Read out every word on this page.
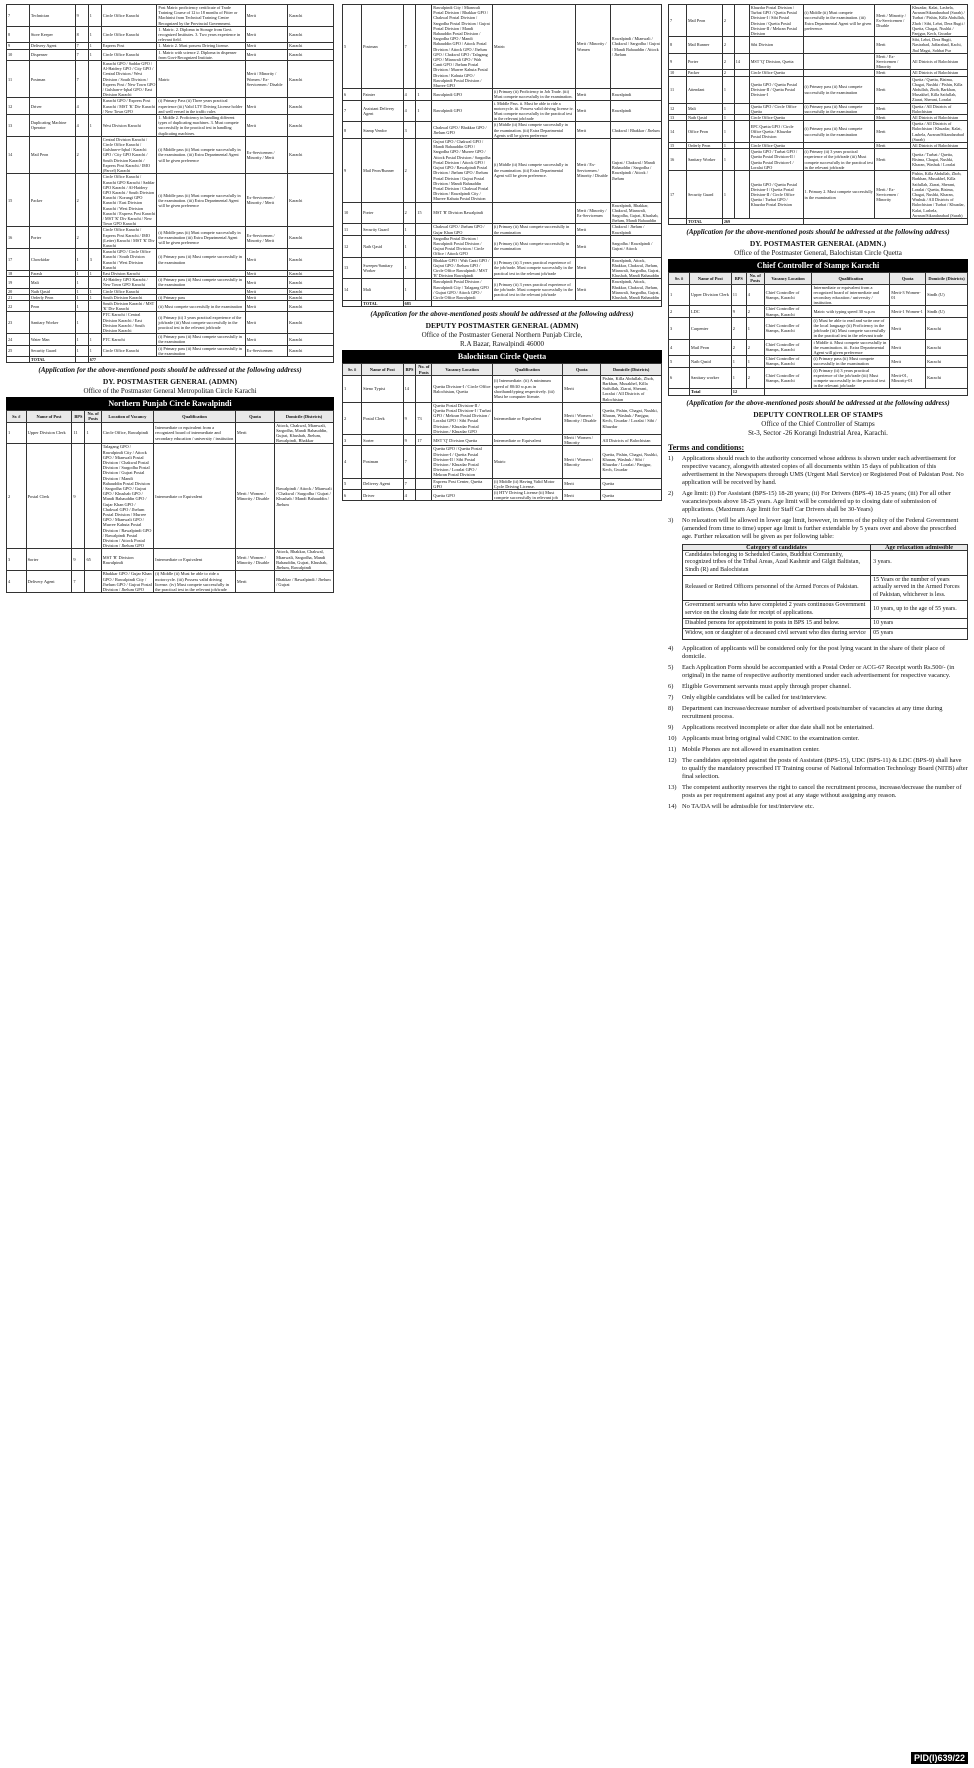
7	Technician	9	1	Circle Office Karachi	Post Matric proficiency certificate of Trade Training Course of 12 to 18 months of Fitter or Machinist from Technical Training Centre Recognized by the Provincial Government.	Merit	Karachi
8	Store Keeper	8	1	Circle Office Karachi	1. Matric. 2. Diploma in Storage from Govt. recognized Institutes. 3. Two years experience in relevant field.	Merit	Karachi
9	Delivery Agent	7	1	Express Post	1. Matric 2. Must possess Driving license.	Merit	Karachi
10	Dispenser	7	1	Circle Office Karachi	1. Matric with science 2. Diploma in dispenser from Govt-Recognized Institute.	Merit	Karachi
11	Postman	7		Karachi GPO / Saddar GPO / Al-Haidery GPO / City GPO / Central Division / West Division / South Division / Express Post / New Town GPO / Gulshan-e-Iqbal GPO / East Division Karachi	Matric	Merit / Minority / Women / Ex-Servicemen / Disable	Karachi
12	Driver	4		Karachi GPO / Express Post Karachi / MST 'K' Div Karachi / New Town GPO	(i) Primary Pass (ii) Three years practical experience (iii) Valid LTV Driving License holder and well versed in the traffic rules	Merit	Karachi
13	Duplicating Machine Operator	4	1	West Division Karachi	1. Middle 2. Proficiency in handling different types of duplicating machines. 3. Must compete successfully in the practical test in handling duplicating machines.	Merit	Karachi
14	Mail Peon	2		Central Division Karachi / Circle Office Karachi / Gulshan-e-Iqbal / Karachi GPO / City GPO Karachi / South Division Karachi / Express Post Karachi / IMO (Parcel) Karachi	(i) Middle pass (ii) Must compete successfully in the examination. (iii) Extra Departmental Agent will be given preference	Ex-Servicemen / Minority / Merit	Karachi
15	Packer	2		Circle Office Karachi / Karachi GPO Karachi / Saddar GPO Karachi / Al-Haidery GPO Karachi / South Division Karachi / Korangi GPO Karachi / East Division Karachi / West Division Karachi / Express Post Karachi / MST 'K' Div Karachi / New Town GPO Karachi	(i) Middle pass (ii) Must compete successfully in the examination. (iii) Extra Departmental Agent will be given preference	Ex-Servicemen / Minority / Merit	Karachi
16	Porter	2		Circle Office Karachi / Express Post Karachi / IMO (Letter) Karachi / MST 'K' Div Karachi	(i) Middle pass (ii) Must compete successfully in the examination (iii) Extra Departmental Agent will be given preference	Ex-Servicemen / Minority / Merit	Karachi
17	Chowkidar	1	3	Karachi GPO / Circle Office Karachi / South Division Karachi / West Division Karachi	(i) Primary pass (ii) Must compete successfully in the examination	Merit	Karachi
18	Farash	1	1	East Division Karachi		Merit	Karachi
19	Mali	1		Al-Haidery GPO Karachi / New Town GPO Karachi	(i) Primary pass (ii) Must compete successfully in the examination	Merit	Karachi
20	Naib Qasid	1	1	Circle Office Karachi		Merit	Karachi
21	Orderly Peon	1	1	South Division Karachi	(i) Primary pass	Merit	Karachi
22	Peon	1		South Division Karachi / MST 'K' Div Karachi	(ii) Must compete successfully in the examination	Merit	Karachi
23	Sanitary Worker	1		PTC Karachi / Central Division Karachi / East Division Karachi / South Division Karachi	(i) Primary (ii) 3 years practical experience of the job/trade (iii) Must compete successfully in the practical test in the relevant job/trade	Merit	Karachi
24	Water Man	1	1	PTC Karachi	(i) Primary pass (ii) Must compete successfully in the examination	Merit	Karachi
25	Security Guard	1	1	Circle Office Karachi	(i) Primary pass (ii) Must compete successfully in the examination	Ex-Servicemen	Karachi
	TOTAL		677				
(Application for the above-mentioned posts should be addressed at the following address)
DY. POSTMASTER GENERAL (ADMN)
Office of the Postmaster General Metropolitan Circle Karachi
Northern Punjab Circle Rawalpindi
Sr. #	Name of Post	BPS	No. of Posts	Location of Vacancy	Qualification	Quota	Domicile (Districts)
1	Upper Division Clerk	11	1	Circle Office, Rawalpindi	Intermediate or equivalent from a recognized board of intermediate and secondary education / university / institution	Merit	Attock, Chakwal, Mianwali, Sargodha, Mandi Bahauddin, Gujrat, Khushab, Jhelum, Rawalpindi, Bhakkar
2	Postal Clerk	9		Talagang GPO / Rawalpindi City / Attock GPO / Mianwali Postal Division / Chakwal Postal Division / Sargodha Postal Division / Gujrat Postal Division / Mandi Bahauddin Postal Division / Sargodha GPO / Gujrat GPO / Khushab GPO / Mandi Bahauddin GPO / Gujar Khan GPO / Chakwal GPO / Jhelum Postal Division / Murree GPO / Mianwali GPO / Murree Kahuta Postal Division / Rawalpindi GPO / Rawalpindi Postal Division / Attock Postal Division / Jhelum GPO	Intermediate or Equivalent	Merit / Women / Minority / Disable	Rawalpindi / Attock / Mianwali / Chakwal / Sargodha / Gujrat / Khushab / Mandi Bahauddin / Jhelum
3	Sorter	9	65	MST 'R' Division Rawalpindi	Intermediate or Equivalent	Merit / Women / Minority / Disable	Attock, Bhakkar, Chakwal, Mianwali, Sargodha, Mandi Bahauddin, Gujrat, Khushab, Jhelum, Rawalpindi
4	Delivery Agent	7		Bhakkar GPO / Gujar Khan GPO / Rawalpindi City / Jhelum GPO / Gujrat Postal Division / Jhelum GPO	(i) Middle (ii) Must be able to ride a motorcycle. (iii) Possess valid driving license. (iv) Must compete successfully in the practical test in the relevant job/trade	Merit	Bhakkar / Rawalpindi / Jhelum / Gujrat
5	Postman	7		Rawalpindi City / Mianwali Postal Division / Bhakkar GPO / Chakwal Postal Division / Sargodha Postal Division / Gujrat Postal Division / Mandi Bahauddin Postal Division / Sargodha GPO / Mandi Bahauddin GPO / Attock Postal Division / Attock GPO / Jhelum GPO / Chakwal GPO / Talagang GPO / Mianwali GPO / Wah Cantt GPO / Jhelum Postal Division / Murree Kahuta Postal Division / Kahuta GPO / Rawalpindi Postal Division / Murree GPO	Matric	Merit / Minority / Women	Rawalpindi / Mianwali / Chakwal / Sargodha / Gujrat / Mandi Bahauddin / Attock / Jhelum
6	Painter	4	1	Rawalpindi GPO	(i) Primary (ii) Proficiency in Job Trade. (iii) Must compete successfully in the examination.	Merit	Rawalpindi
7	Assistant Delivery Agent	4	1	Rawalpindi GPO	i. Middle Pass. ii. Must be able to ride a motorcycle. iii. Possess valid driving license iv. Must compete successfully in the practical test in the relevant job/trade	Merit	Rawalpindi
8	Stamp Vendor	3		Chakwal GPO / Bhakkar GPO / Jhelum GPO	(i) Middle (ii) Must compete successfully in the examination. (iii) Extra Departmental Agents will be given preference	Merit	Chakwal / Bhakkar / Jhelum
9	Mail Peon/Runner	2		Gujrat GPO / Chakwal GPO / Mandi Bahauddin GPO / Sargodha GPO / Murree GPO / Attock Postal Division / Sargodha Postal Division / Attock GPO / Gujrat GPO / Rawalpindi Postal Division / Jhelum GPO / Jhelum Postal Division / Gujrat Postal Division / Mandi Bahauddin Postal Division / Chakwal Postal Division / Rawalpindi City / Murree Kahuta Postal Division	(i) Middle (ii) Must compete successfully in the examination. (iii) Extra Departmental Agent will be given preference.	Merit / Ex-Servicemen / Minority / Disable	Gujrat / Chakwal / Mandi Bahauddin / Sargodha / Rawalpindi / Attock / Jhelum
10	Porter	2	15	MST 'R' Division Rawalpindi		Merit / Minority / Ex-Servicemen	Rawalpindi, Bhakkar, Chakwal, Mianwali, Sargodha, Gujrat, Khushab, Jhelum, Mandi Bahauddin
11	Security Guard	1		Chakwal GPO / Jhelum GPO / Gujar Khan GPO	(i) Primary (ii) Must compete successfully in the examination	Merit	Chakwal / Jhelum / Rawalpindi
12	Naib Qasid	1		Sargodha Postal Division / Rawalpindi Postal Division / Gujrat Postal Division / Circle Office / Attock GPO	(i) Primary (ii) Must compete successfully in the examination	Merit	Sargodha / Rawalpindi / Gujrat / Attock
13	Sweeper/Sanitary Worker	1		Bhakkar GPO / Wah Cantt GPO / Gujrat GPO / Jhelum GPO / Circle Office Rawalpindi / MST 'R' Division Rawalpindi	(i) Primary (ii) 3 years practical experience of the job/trade. Must compete successfully in the practical test in the relevant job/trade	Merit	Rawalpindi, Attock, Bhakkar, Chakwal, Jhelum, Mianwali, Sargodha, Gujrat, Khushab, Mandi Bahauddin
14	Mali	1		Rawalpindi Postal Division / Rawalpindi City / Talagang GPO / Gujrat GPO / Attock GPO / Circle Office Rawalpindi	(i) Primary (ii) 3 years practical experience of the job/trade. Must compete successfully in the practical test in the relevant job/trade	Merit	Rawalpindi, Attock, Bhakkar, Chakwal, Jhelum, Mianwali, Sargodha, Gujrat, Khushab, Mandi Bahauddin
	TOTAL	683					
(Application for the above-mentioned posts should be addressed at the following address)
DEPUTY POSTMASTER GENERAL (ADMN)
Office of the Postmaster General Northern Punjab Circle,
R.A Bazar, Rawalpindi 46000
Balochistan Circle Quetta
Sr. #	Name of Post	BPS	No. of Posts	Vacancy Location	Qualification	Quota	Domicile (Districts)
1	Steno Typist	14		Quetta Division-I / Circle Office Balochistan, Quetta	(i) Intermediate. (ii) A minimum speed of 80/40 w.p.m in shorthand/typing respectively. (iii) Must be computer literate.	Merit	Pishin, Killa Abdullah, Zhob, Barkhan, Musakhel, Killa Saifullah, Ziarat, Sherani, Loralai / All Districts of Balochistan
2	Postal Clerk	9	73	Quetta Postal Division-II / Quetta Postal Division-I / Turbat GPO / Mekran Postal Division / Loralai GPO / Sibi Postal Division / Khuzdar Postal Division / Khuzdar GPO	Intermediate or Equivalent	Merit / Women / Minority / Disable	Quetta, Pishin, Chagai, Nushki, Kharan, Washuk / Panjgur, Kech, Gwadar / Loralai / Sibi / Khuzdar
3	Sorter	9	17	MST 'Q' Division Quetta	Intermediate or Equivalent	Merit / Women / Minority	All Districts of Balochistan
4	Postman	7		Quetta GPO / Quetta Postal Division-I / Quetta Postal Division-II / Sibi Postal Division / Khuzdar Postal Division / Loralai GPO / Mekran Postal Division	Matric	Merit / Women / Minority	Quetta, Pishin, Chagai, Nushki, Kharan, Washuk / Sibi / Khuzdar / Loralai / Panjgur, Kech, Gwadar
5	Delivery Agent	7		Express Post Center, Quetta GPO	(i) Middle (ii) Having Valid Motor Cycle Driving License.	Merit	Quetta
6	Driver	4		Quetta GPO	(i) HTV Driving License (ii) Must compete successfully in relevant job	Merit	Quetta
7	Mail Peon	2		Khuzdar Postal Division / Turbat GPO / Quetta Postal Division-I / Sibi Postal Division / Quetta Postal Division-II / Mekran Postal Division	(i) Middle (ii) Must compete successfully in the examination. (iii) Extra Departmental Agent will be given preference.	Merit / Minority / Ex-Servicemen / Disable	Khuzdar, Kalat, Lasbela, Awaran/Sikandarabad (Surab) / Turbat / Pishin, Killa Abdullah, Zhob / Sibi, Lehri, Dera Bugti / Quetta, Chagai, Nushki / Panjgur, Kech, Gwadar
8	Mail Runner	2		Sibi Division		Merit	Sibi, Lehri, Dera Bugti, Nasirabad, Jaffarabad, Kachi, Jhal Magsi, Sohbat Pur
9	Porter	2	14	MST 'Q' Division, Quetta		Merit / Ex-Servicemen / Minority	All Districts of Balochistan
10	Packer	2		Circle Office Quetta		Merit	All Districts of Balochistan
11	Attendant	1		Quetta GPO / Quetta Postal Division-II / Quetta Postal Division-I	(i) Primary pass (ii) Must compete successfully in the examination	Merit	Quetta / Quetta, Bisima, Chagai, Nushki / Pishin, Killa Abdullah, Zhob, Barkhan, Musakhel, Killa Saifullah, Ziarat, Sherani, Loralai
12	Mali	1		Quetta GPO / Circle Office Quetta	(i) Primary pass (ii) Must compete successfully in the examination	Merit	Quetta / All Districts of Balochistan
13	Naib Qasid	1		Circle Office Quetta		Merit	All Districts of Balochistan
14	Office Peon	1		EPC Quetta GPO / Circle Office Quetta / Khuzdar Postal Division	(i) Primary pass (ii) Must compete successfully in the examination	Merit	Quetta / All Districts of Balochistan / Khuzdar, Kalat, Lasbela, Awaran/Sikandarabad (Surab)
15	Orderly Peon	1		Circle Office Quetta		Merit	All Districts of Balochistan
16	Sanitary Worker	1		Quetta GPO / Turbat GPO / Quetta Postal Division-II / Quetta Postal Division-I / Loralai GPO	(i) Primary (ii) 3 years practical experience of the job/trade (iii) Must compete successfully in the practical test in the relevant job/trade	Merit	Quetta / Turbat / Quetta, Bisima, Chagai, Nushki, Kharan, Washuk / Loralai
17	Security Guard	1		Quetta GPO / Quetta Postal Division-I / Quetta Postal Division-II / Circle Office Quetta / Turbat GPO / Khuzdar Postal Division	1. Primary 2. Must compete successfully in the examination	Merit / Ex-Servicemen / Minority	Pishin, Killa Abdullah, Zhob, Barkhan, Musakhel, Killa Saifullah, Ziarat, Sherani, Loralai / Quetta, Bisima, Chagai, Nushki, Kharan, Washuk / All Districts of Balochistan / Turbat / Khuzdar, Kalat, Lasbela, Awaran/Sikandarabad (Surab)
	TOTAL	269					
(Application for the above-mentioned posts should be addressed at the following address)
DY. POSTMASTER GENERAL (ADMN.)
Office of the Postmaster General, Balochistan Circle Quetta
Chief Controller of Stamps Karachi
Sr. #	Name of Post	BPS	No. of Posts	Vacancy Location	Qualification	Quota	Domicile (Districts)
1	Upper Division Clerk	11	4	Chief Controller of Stamps, Karachi	Intermediate or equivalent from a recognized board of intermediate and secondary education / university / institution.	Merit-3 Women-01	Sindh (U)
2	LDC	9	2	Chief Controller of Stamps, Karachi	Matric with typing speed 30 w.p.m	Merit-1 Women-1	Sindh (U)
3	Carpenter	2	1	Chief Controller of Stamps, Karachi	(i) Must be able to read and write one of the local language (ii) Proficiency in the job/trade (iii) Must compete successfully in the practical test in the relevant trade	Merit	Karachi
4	Mail Peon	2	2	Chief Controller of Stamps, Karachi	i Middle ii. Must compete successfully in the examination. iii. Extra Departmental Agent will given preference	Merit	Karachi
5	Naib Qasid	1	1	Chief Controller of Stamps, Karachi	(i) Primary pass (ii) Must compete successfully in the examination	Merit	Karachi
6	Sanitary worker	1	2	Chief Controller of Stamps, Karachi	(i) Primary (ii) 3 years practical experience of the job/trade (iii) Must compete successfully in the practical test in the relevant job/trade	Merit-01, Minority-01	Karachi
	Total	12					
(Application for the above-mentioned posts should be addressed at the following address)
DEPUTY CONTROLLER OF STAMPS
Office of the Chief Controller of Stamps
St-3, Sector -26 Korangi Industrial Area, Karachi.
Terms and conditions:
1)	Applications should reach to the authority concerned whose address is shown under each advertisement for respective vacancy, alongwith attested copies of all documents within 15 days of publication of this advertisement in the Newspapers through UMS (Urgent Mail Service) or Registered Post of Pakistan Post. No application will be received by hand.
2)	Age limit: (i) For Assistant (BPS-15) 18-28 years; (ii) For Drivers (BPS-4) 18-25 years; (iii) For all other vacancies/posts above 18-25 years. Age limit will be considered up to closing date of submission of applications. (Maximum Age limit for Staff Car Drivers shall be 30-Years)
3)	No relaxation will be allowed in lower age limit, however, in terms of the policy of the Federal Government (amended from time to time) upper age limit is further extendable by 5 years over and above the prescribed age. Further relaxation will be given as per following table:
Category of candidates	Age relaxation admissible
Candidates belonging to Scheduled Castes, Buddhist Community, recognized tribes of the Tribal Areas, Azad Kashmir and Gilgit Baltistan, Sindh (R) and Balochistan	3 years.
Released or Retired Officers personnel of the Armed Forces of Pakistan.	15 Years or the number of years actually served in the Armed Forces of Pakistan, whichever is less.
Government servants who have completed 2 years continuous Government service on the closing date for receipt of applications.	10 years, up to the age of 55 years.
Disabled persons for appointment to posts in BPS 15 and below.	10 years
Widow, son or daughter of a deceased civil servant who dies during service	05 years
4)	Application of applicants will be considered only for the post lying vacant in the share of their place of domicile.
5)	Each Application Form should be accompanied with a Postal Order or ACG-67 Receipt worth Rs.500/- (in original) in the name of respective authority mentioned under each advertisement for respective vacancy.
6)	Eligible Government servants must apply through proper channel.
7)	Only eligible candidates will be called for test/interview.
8)	Department can increase/decrease number of advertised posts/number of vacancies at any time during recruitment process.
9)	Applications received incomplete or after due date shall not be entertained.
10) Applicants must bring original valid CNIC to the examination center.
11) Mobile Phones are not allowed in examination center.
12) The candidates appointed against the posts of Assistant (BPS-15), UDC (BPS-11) & LDC (BPS-9) shall have to qualify the mandatory prescribed IT Training course of National Information Technology Board (NITB) after final selection.
13) The competent authority reserves the right to cancel the recruitment process, increase/decrease the number of posts as per requirement against any post at any stage without assigning any reason.
14) No TA/DA will be admissible for test/interview etc.
PID(I)639/22
